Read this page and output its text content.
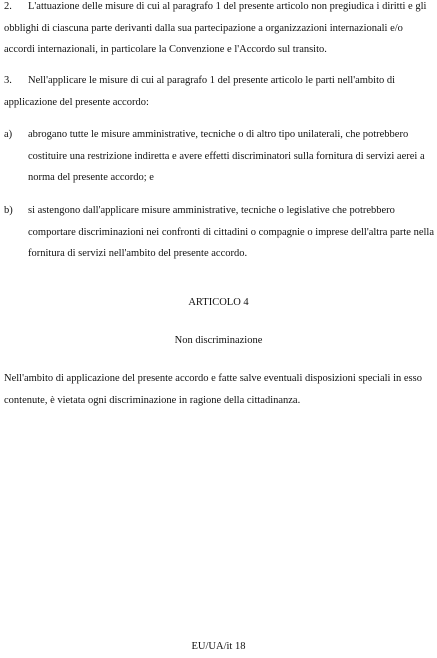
2. L'attuazione delle misure di cui al paragrafo 1 del presente articolo non pregiudica i diritti e gli obblighi di ciascuna parte derivanti dalla sua partecipazione a organizzazioni internazionali e/o accordi internazionali, in particolare la Convenzione e l'Accordo sul transito.

3. Nell'applicare le misure di cui al paragrafo 1 del presente articolo le parti nell'ambito di applicazione del presente accordo:

a)	abrogano tutte le misure amministrative, tecniche o di altro tipo unilaterali, che potrebbero costituire una restrizione indiretta e avere effetti discriminatori sulla fornitura di servizi aerei a norma del presente accordo; e
b)	si astengono dall'applicare misure amministrative, tecniche o legislative che potrebbero comportare discriminazioni nei confronti di cittadini o compagnie o imprese dell'altra parte nella fornitura di servizi nell'ambito del presente accordo.

ARTICOLO 4

Non discriminazione

Nell'ambito di applicazione del presente accordo e fatte salve eventuali disposizioni speciali in esso contenute, è vietata ogni discriminazione in ragione della cittadinanza.

EU/UA/it 18
